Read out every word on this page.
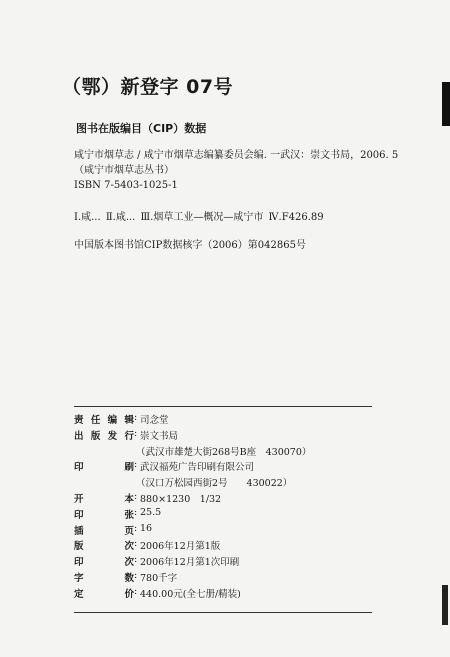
（鄂）新登字 07号
图书在版编目（CIP）数据
咸宁市烟草志 / 咸宁市烟草志编纂委员会编. 一武汉：崇文书局，2006. 5
（咸宁市烟草志丛书）
ISBN 7-5403-1025-1
Ⅰ.咸... Ⅱ.咸... Ⅲ.烟草工业—概况—咸宁市 Ⅳ.F426.89
中国版本图书馆CIP数据核字（2006）第042865号
责 任 编 辑 : 司念堂
出 版 发 行 : 崇文书局
（武汉市雄楚大街268号B座　430070）
印	刷 : 武汉福苑广告印刷有限公司
（汉口万松园西街2号　　430022）
开	本 : 880×1230　1/32
印	张 : 25.5
插	页 : 16
版	次 : 2006年12月第1版
印	次 : 2006年12月第1次印刷
字	数 : 780千字
定	价 : 440.00元(全七册/精装)
